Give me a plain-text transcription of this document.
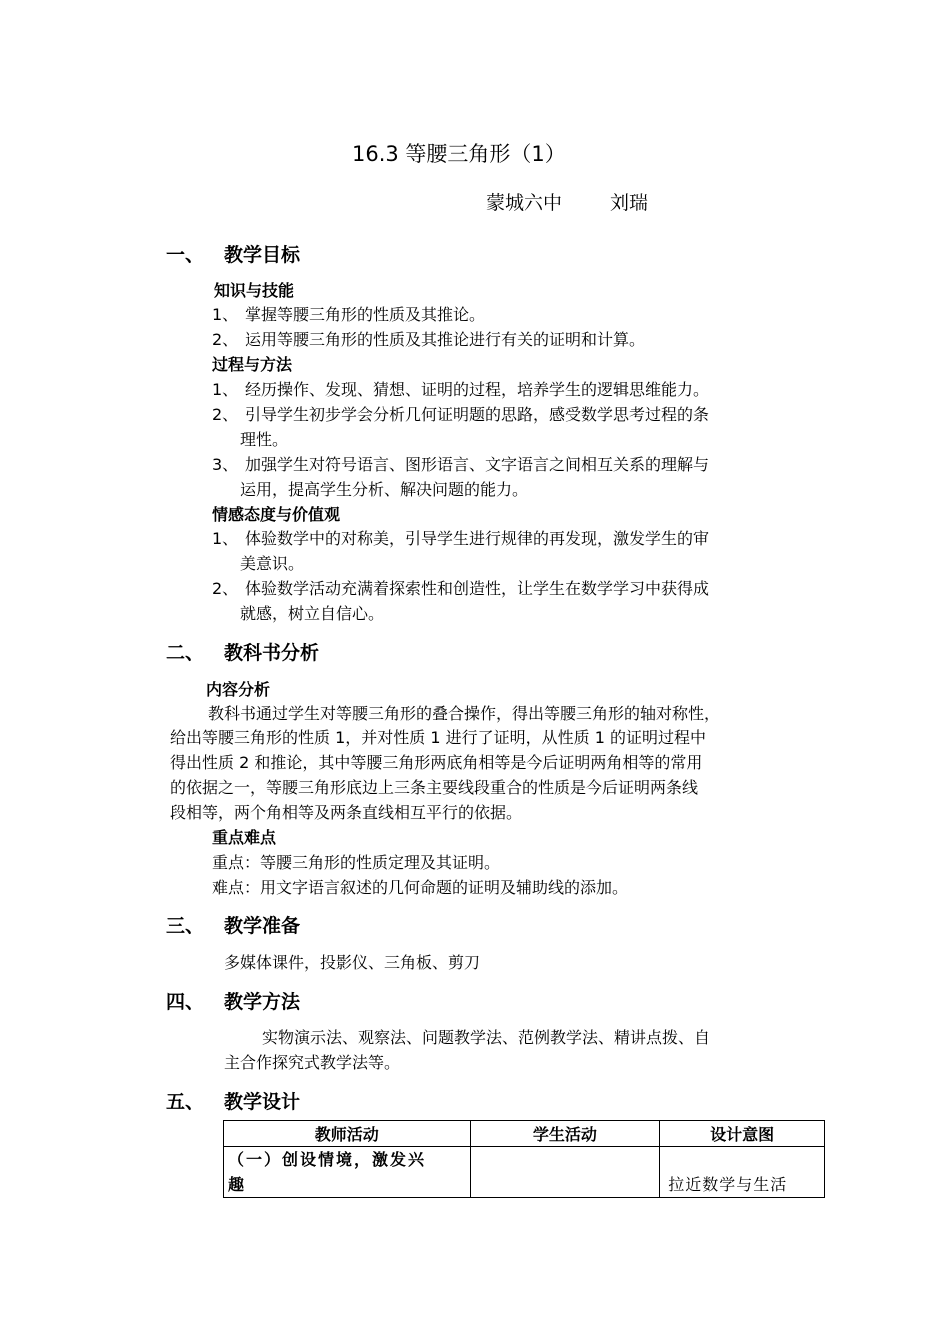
16.3 等腰三角形（1）
蒙城六中	刘瑞
一、 教学目标
知识与技能
1、 掌握等腰三角形的性质及其推论。
2、 运用等腰三角形的性质及其推论进行有关的证明和计算。
过程与方法
1、 经历操作、发现、猜想、证明的过程，培养学生的逻辑思维能力。
2、 引导学生初步学会分析几何证明题的思路，感受数学思考过程的条
理性。
3、 加强学生对符号语言、图形语言、文字语言之间相互关系的理解与
运用，提高学生分析、解决问题的能力。
情感态度与价值观
1、 体验数学中的对称美，引导学生进行规律的再发现，激发学生的审
美意识。
2、 体验数学活动充满着探索性和创造性，让学生在数学学习中获得成
就感，树立自信心。
二、 教科书分析
内容分析
教科书通过学生对等腰三角形的叠合操作，得出等腰三角形的轴对称性，
给出等腰三角形的性质 1，并对性质 1 进行了证明，从性质 1 的证明过程中
得出性质 2 和推论，其中等腰三角形两底角相等是今后证明两角相等的常用
的依据之一，等腰三角形底边上三条主要线段重合的性质是今后证明两条线
段相等，两个角相等及两条直线相互平行的依据。
重点难点
重点：等腰三角形的性质定理及其证明。
难点：用文字语言叙述的几何命题的证明及辅助线的添加。
三、 教学准备
多媒体课件，投影仪、三角板、剪刀
四、 教学方法
实物演示法、观察法、问题教学法、范例教学法、精讲点拨、自
主合作探究式教学法等。
五、 教学设计
教师活动	学生活动	设计意图

（一）创设情境，激发兴
趣		拉近数学与生活
